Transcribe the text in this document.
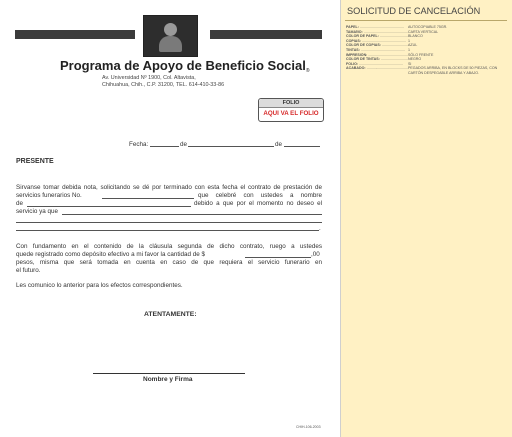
Programa de Apoyo de Beneficio Social®
Av. Universidad Nº 1900, Col. Altavista,
Chihuahua, Chih., C.P. 31200, TEL. 614-410-33-86
FOLIO
AQUI VA EL FOLIO
Fecha:	de	de
PRESENTE
Sirvanse tomar debida nota, solicitando se dé por terminado con esta fecha el contrato de prestación de
servicios funerarios No.	que celebré con ustedes a nombre
de	debido a que por el momento no deseo el
servicio ya que
.
Con fundamento en el contenido de la cláusula segunda de dicho contrato, ruego a ustedes
quede registrado como depósito efectivo a mi favor la cantidad de $	,00
pesos, misma que será tomada en cuenta en caso de que requiera el servicio funerario en
el futuro.
Les comunico lo anterior para los efectos correspondientes.
ATENTAMENTE:
Nombre y Firma
CHIH-106-2003
SOLICITUD DE CANCELACIÓN
PAPEL: .....	AUTOCOPIABLE 75GR.
TAMAÑO: .....	CARTA VERTICAL
COLOR DE PAPEL: .....	BLANCO
COPIAS: .....	1
COLOR DE COPIAS: .....	AZUL
TINTAS: .....	1
IMPRESIÓN: .....	SÓLO FRENTE
COLOR DE TINTAS: .....	NEGRO
FOLIO: .....	SI
ACABADO: .....	PEGADOS ARRIBA, EN BLOCKS DE 50 PIEZAS, CON CARTÓN DESPEGABLE ARRIBA Y ABAJO.
